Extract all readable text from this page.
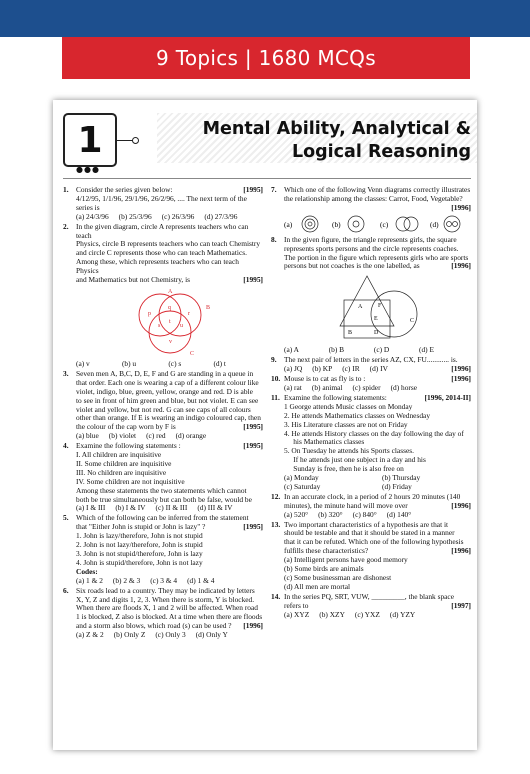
9 Topics | 1680 MCQs
1
●●●
Mental Ability, Analytical &
Logical Reasoning
1. Consider the series given below:	[1995]
4/12/95, 1/1/96, 29/1/96, 26/2/96, .... The next term of the
series is
(a) 24/3/96 (b) 25/3/96 (c) 26/3/96 (d) 27/3/96
2. In the given diagram, circle A represents teachers who can teach
Physics, circle B represents teachers who can teach Chemistry
and circle C represents those who can teach Mathematics.
Among these, which represents teachers who can teach Physics
and Mathematics but not Chemistry, is	[1995]
A
B
C
p
q
r
s
t
u
v
(a) v	(b) u	(c) s	(d) t
3. Seven men A, B,C, D, E, F and G are standing in a queue in
that order. Each one is wearing a cap of a different colour like
violet, indigo, blue, green, yellow, orange and red. D is able
to see in front of him green and blue, but not violet. E can see
violet and yellow, but not red. G can see caps of all colours
other than orange. If E is wearing an indigo coloured cap, then
the colour of the cap worn by F is	[1995]
(a) blue (b) violet (c) red (d) orange
4. Examine the following statements :	[1995]
I. All children are inquisitive
II. Some children are inquisitive
III. No children are inquisitive
IV. Some children are not inquisitive
Among these statements the two statements which cannot
both be true simultaneously but can both be false, would be
(a) I & III (b) I & IV (c) II & III (d) III & IV
5. Which of the following can be inferred from the statement
that "Either John is stupid or John is lazy" ?	[1995]
1. John is lazy/therefore, John is not stupid
2. John is not lazy/therefore, John is stupid
3. John is not stupid/therefore, John is lazy
4. John is stupid/therefore, John is not lazy
Codes:
(a) 1 & 2 (b) 2 & 3 (c) 3 & 4 (d) 1 & 4
6. Six roads lead to a country. They may be indicated by letters
X, Y, Z and digits 1, 2, 3. When there is storm, Y is blocked.
When there are floods X, 1 and 2 will be affected. When road
1 is blocked, Z also is blocked. At a time when there are floods
and a storm also blows, which road (s) can be used ? [1996]
(a) Z & 2 (b) Only Z (c) Only 3 (d) Only Y
7. Which one of the following Venn diagrams correctly illustrates
the relationship among the classes: Carrot, Food, Vegetable?
[1996]

(a)	(b)	(c)	(d)
8. In the given figure, the triangle represents girls, the square
represents sports persons and the circle represents coaches.
The portion in the figure which represents girls who are sports
persons but not coaches is the one labelled, as	[1996]
A
B
C
D
E
F
(a) A	(b) B	(c) D	(d) E
9. The next pair of letters in the series AZ, CX, FU............ is.
(a) JQ (b) KP (c) IR (d) IV	[1996]
10. Mouse is to cat as fly is to :	[1996]
(a) rat (b) animal (c) spider (d) horse
11. Examine the following statements:	[1996, 2014-II]
1 George attends Music classes on Monday
2. He attends Mathematics classes on Wednesday
3. His Literature classes are not on Friday
4. He attends History classes on the day following the day of
his Mathematics classes
5. On Tuesday he attends his Sports classes.
If he attends just one subject in a day and his
Sunday is free, then he is also free on
(a) Monday	(b) Thursday
(c) Saturday	(d) Friday
12. In an accurate clock, in a period of 2 hours 20 minutes (140
minutes), the minute hand will move over	[1996]
(a) 520° (b) 320° (c) 840° (d) 140°
13. Two important characteristics of a hypothesis are that it
should be testable and that it should be stated in a manner
that it can be refuted. Which one of the following hypothesis
fulfills these characteristics?	[1996]
(a) Intelligent persons have good memory
(b) Some birds are animals
(c) Some businessman are dishonest
(d) All men are mortal
14. In the series PQ, SRT, VUW, _________, the blank space
refers to	[1997]
(a) XYZ (b) XZY (c) YXZ (d) YZY
